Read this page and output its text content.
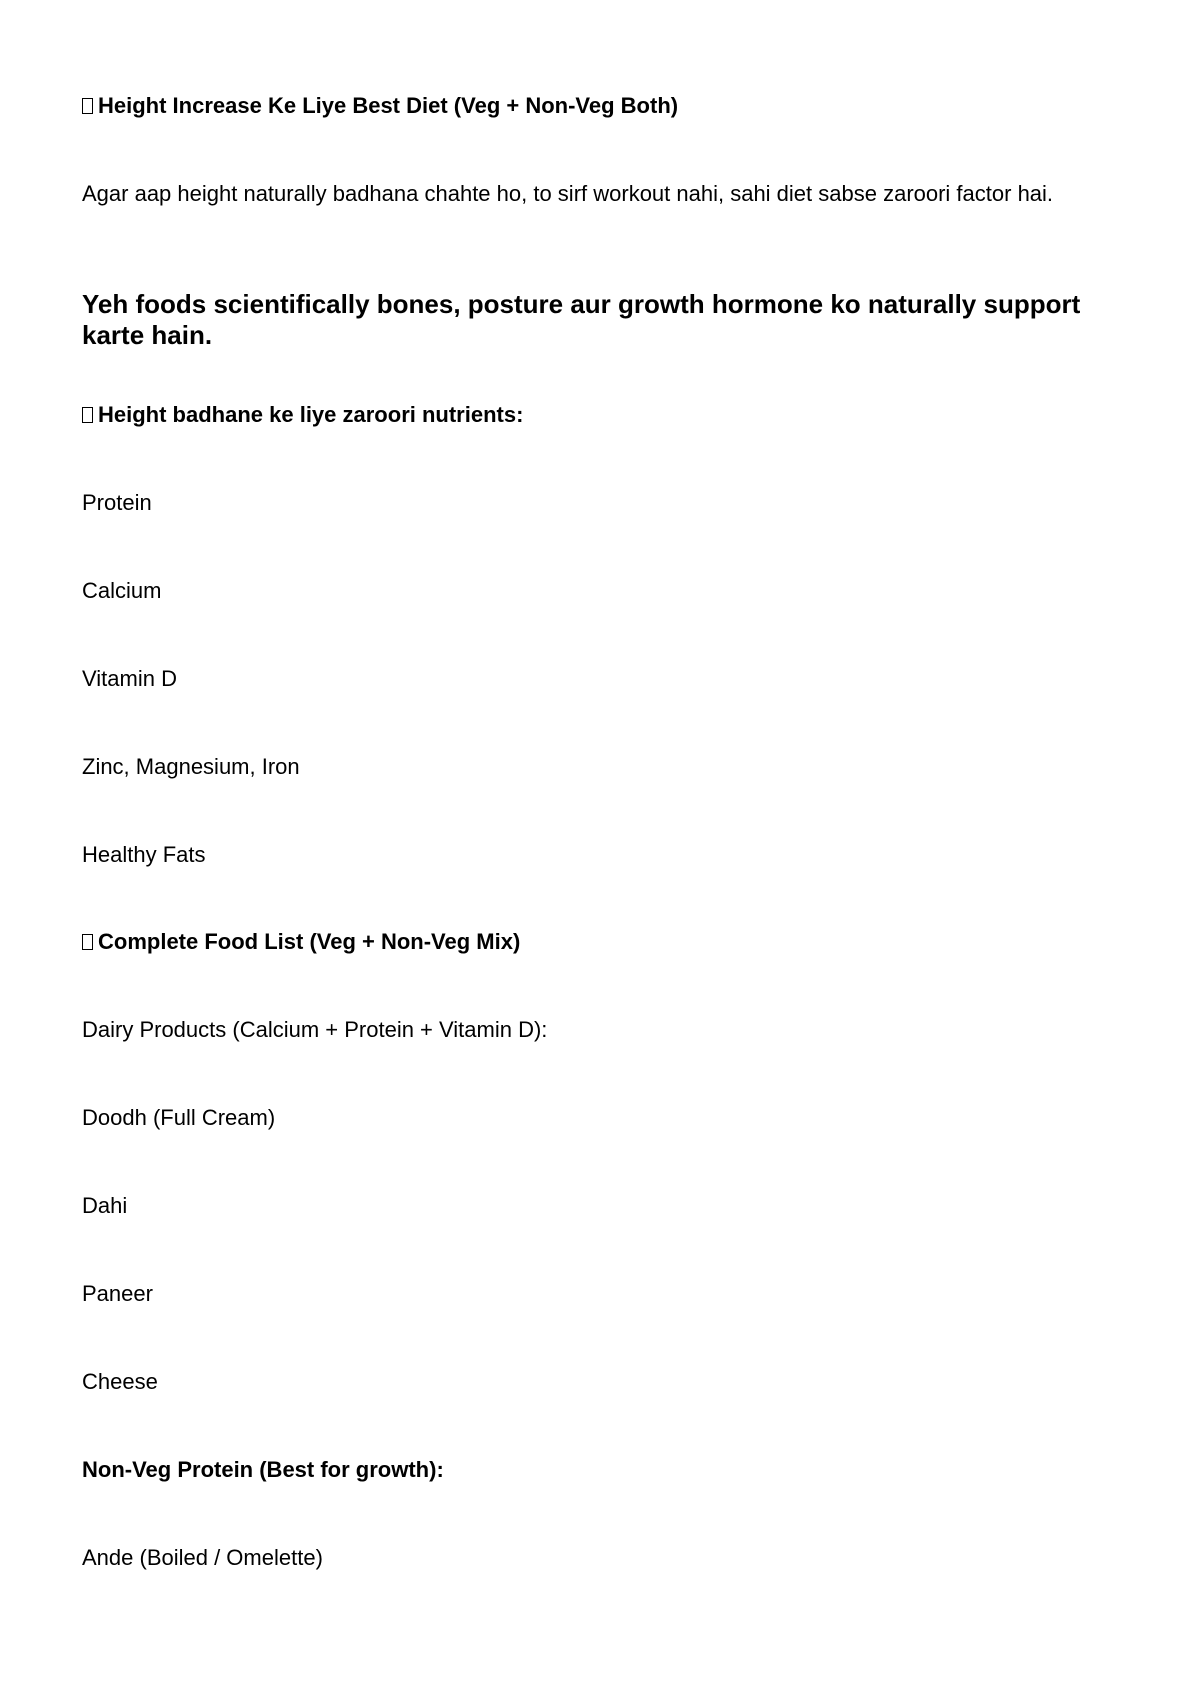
Height Increase Ke Liye Best Diet (Veg + Non-Veg Both)
Agar aap height naturally badhana chahte ho, to sirf workout nahi, sahi diet sabse zaroori factor hai.
Yeh foods scientifically bones, posture aur growth hormone ko naturally support karte hain.
Height badhane ke liye zaroori nutrients:
Protein
Calcium
Vitamin D
Zinc, Magnesium, Iron
Healthy Fats
Complete Food List (Veg + Non-Veg Mix)
Dairy Products (Calcium + Protein + Vitamin D):
Doodh (Full Cream)
Dahi
Paneer
Cheese
Non-Veg Protein (Best for growth):
Ande (Boiled / Omelette)
